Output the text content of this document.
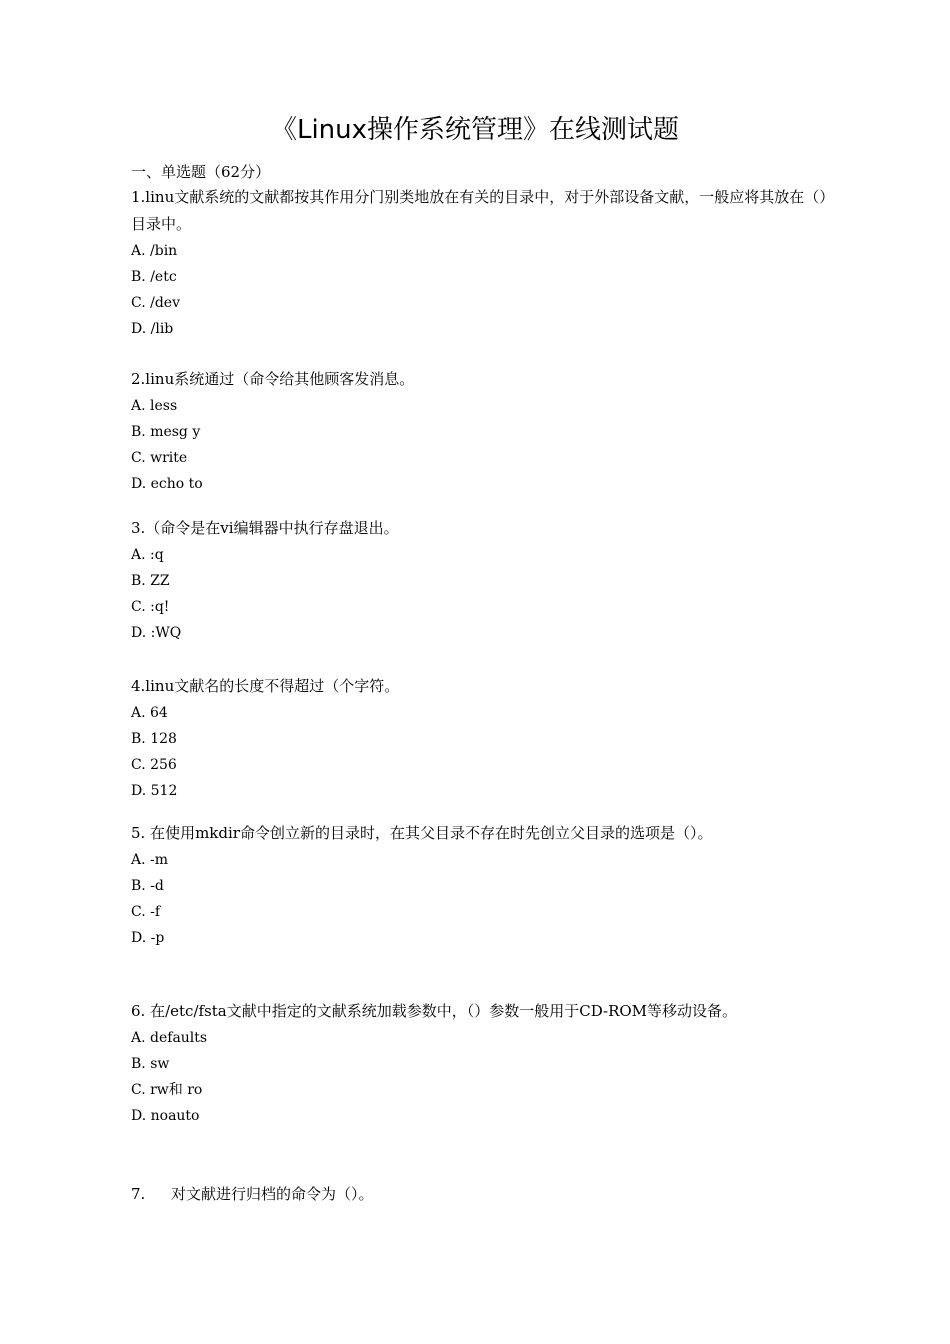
《Linux操作系统管理》在线测试题
一、单选题（62分）
1.linu文献系统的文献都按其作用分门别类地放在有关的目录中，对于外部设备文献，一般应将其放在（）目录中。
A. /bin
B. /etc
C. /dev
D. /lib
2.linu系统通过（命令给其他顾客发消息。
A. less
B. mesg y
C. write
D. echo to
3.（命令是在vi编辑器中执行存盘退出。
A. :q
B. ZZ
C. :q!
D. :WQ
4.linu文献名的长度不得超过（个字符。
A. 64
B. 128
C. 256
D. 512
5. 在使用mkdir命令创立新的目录时，在其父目录不存在时先创立父目录的选项是（）。
A. -m
B. -d
C. -f
D. -p
6. 在/etc/fsta文献中指定的文献系统加载参数中，（）参数一般用于CD-ROM等移动设备。
A. defaults
B. sw
C. rw和 ro
D. noauto
7. 对文献进行归档的命令为（）。
